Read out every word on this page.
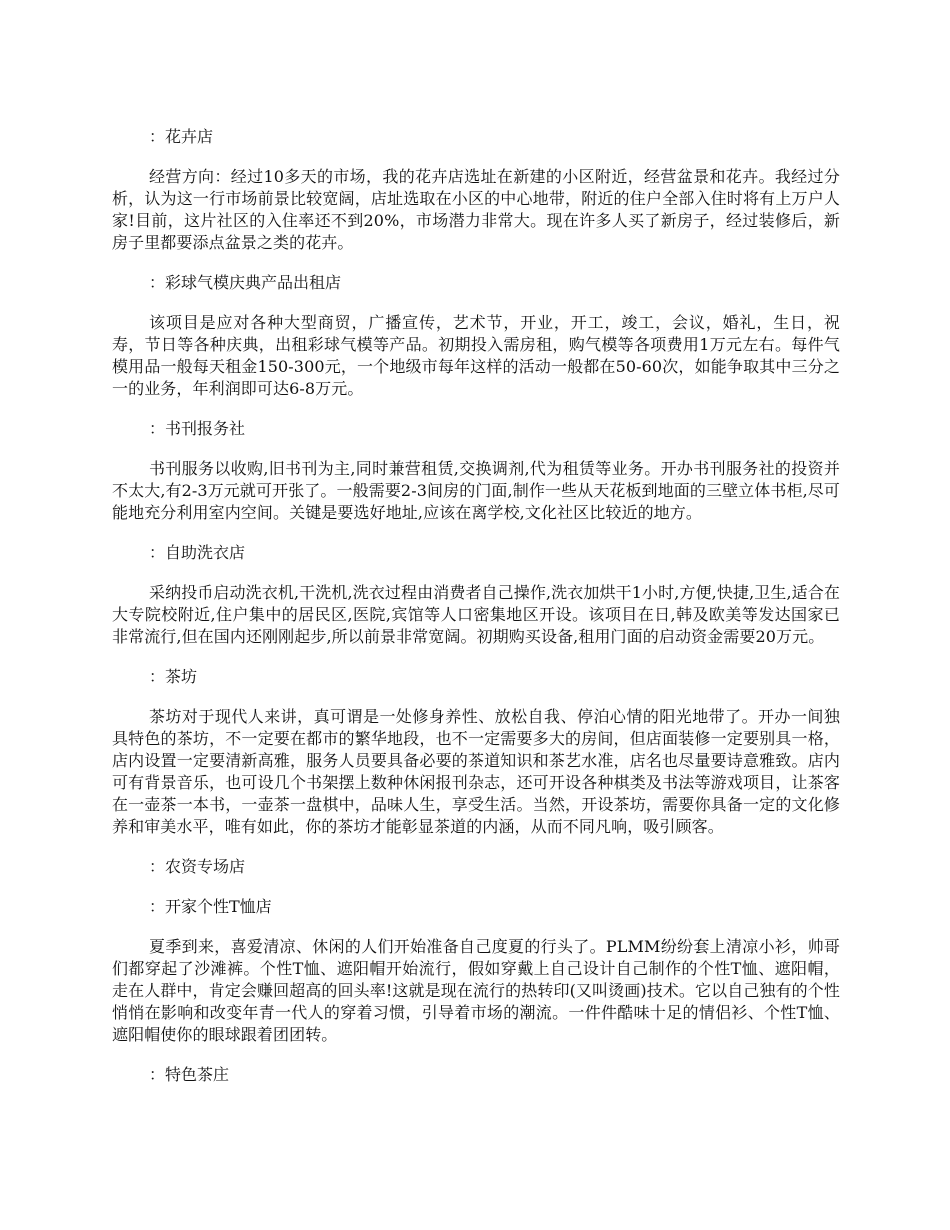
：花卉店

经营方向：经过10多天的市场，我的花卉店选址在新建的小区附近，经营盆景和花卉。我经过分析，认为这一行市场前景比较宽阔，店址选取在小区的中心地带，附近的住户全部入住时将有上万户人家!目前，这片社区的入住率还不到20%，市场潜力非常大。现在许多人买了新房子，经过装修后，新房子里都要添点盆景之类的花卉。

：彩球气模庆典产品出租店

该项目是应对各种大型商贸，广播宣传，艺术节，开业，开工，竣工，会议，婚礼，生日，祝寿，节日等各种庆典，出租彩球气模等产品。初期投入需房租，购气模等各项费用1万元左右。每件气模用品一般每天租金150-300元，一个地级市每年这样的活动一般都在50-60次，如能争取其中三分之一的业务，年利润即可达6-8万元。

：书刊报务社

书刊服务以收购,旧书刊为主,同时兼营租赁,交换调剂,代为租赁等业务。开办书刊服务社的投资并不太大,有2-3万元就可开张了。一般需要2-3间房的门面,制作一些从天花板到地面的三壁立体书柜,尽可能地充分利用室内空间。关键是要选好地址,应该在离学校,文化社区比较近的地方。

：自助洗衣店

采纳投币启动洗衣机,干洗机,洗衣过程由消费者自己操作,洗衣加烘干1小时,方便,快捷,卫生,适合在大专院校附近,住户集中的居民区,医院,宾馆等人口密集地区开设。该项目在日,韩及欧美等发达国家已非常流行,但在国内还刚刚起步,所以前景非常宽阔。初期购买设备,租用门面的启动资金需要20万元。

：茶坊

茶坊对于现代人来讲，真可谓是一处修身养性、放松自我、停泊心情的阳光地带了。开办一间独具特色的茶坊，不一定要在都市的繁华地段，也不一定需要多大的房间，但店面装修一定要别具一格，店内设置一定要清新高雅，服务人员要具备必要的茶道知识和茶艺水准，店名也尽量要诗意雅致。店内可有背景音乐，也可设几个书架摆上数种休闲报刊杂志，还可开设各种棋类及书法等游戏项目，让茶客在一壶茶一本书，一壶茶一盘棋中，品味人生，享受生活。当然，开设茶坊，需要你具备一定的文化修养和审美水平，唯有如此，你的茶坊才能彰显茶道的内涵，从而不同凡响，吸引顾客。

：农资专场店

：开家个性T恤店

夏季到来，喜爱清凉、休闲的人们开始准备自己度夏的行头了。PLMM纷纷套上清凉小衫，帅哥们都穿起了沙滩裤。个性T恤、遮阳帽开始流行，假如穿戴上自己设计自己制作的个性T恤、遮阳帽，走在人群中，肯定会赚回超高的回头率!这就是现在流行的热转印(又叫烫画)技术。它以自己独有的个性悄悄在影响和改变年青一代人的穿着习惯，引导着市场的潮流。一件件酷味十足的情侣衫、个性T恤、遮阳帽使你的眼球跟着团团转。

：特色茶庄
